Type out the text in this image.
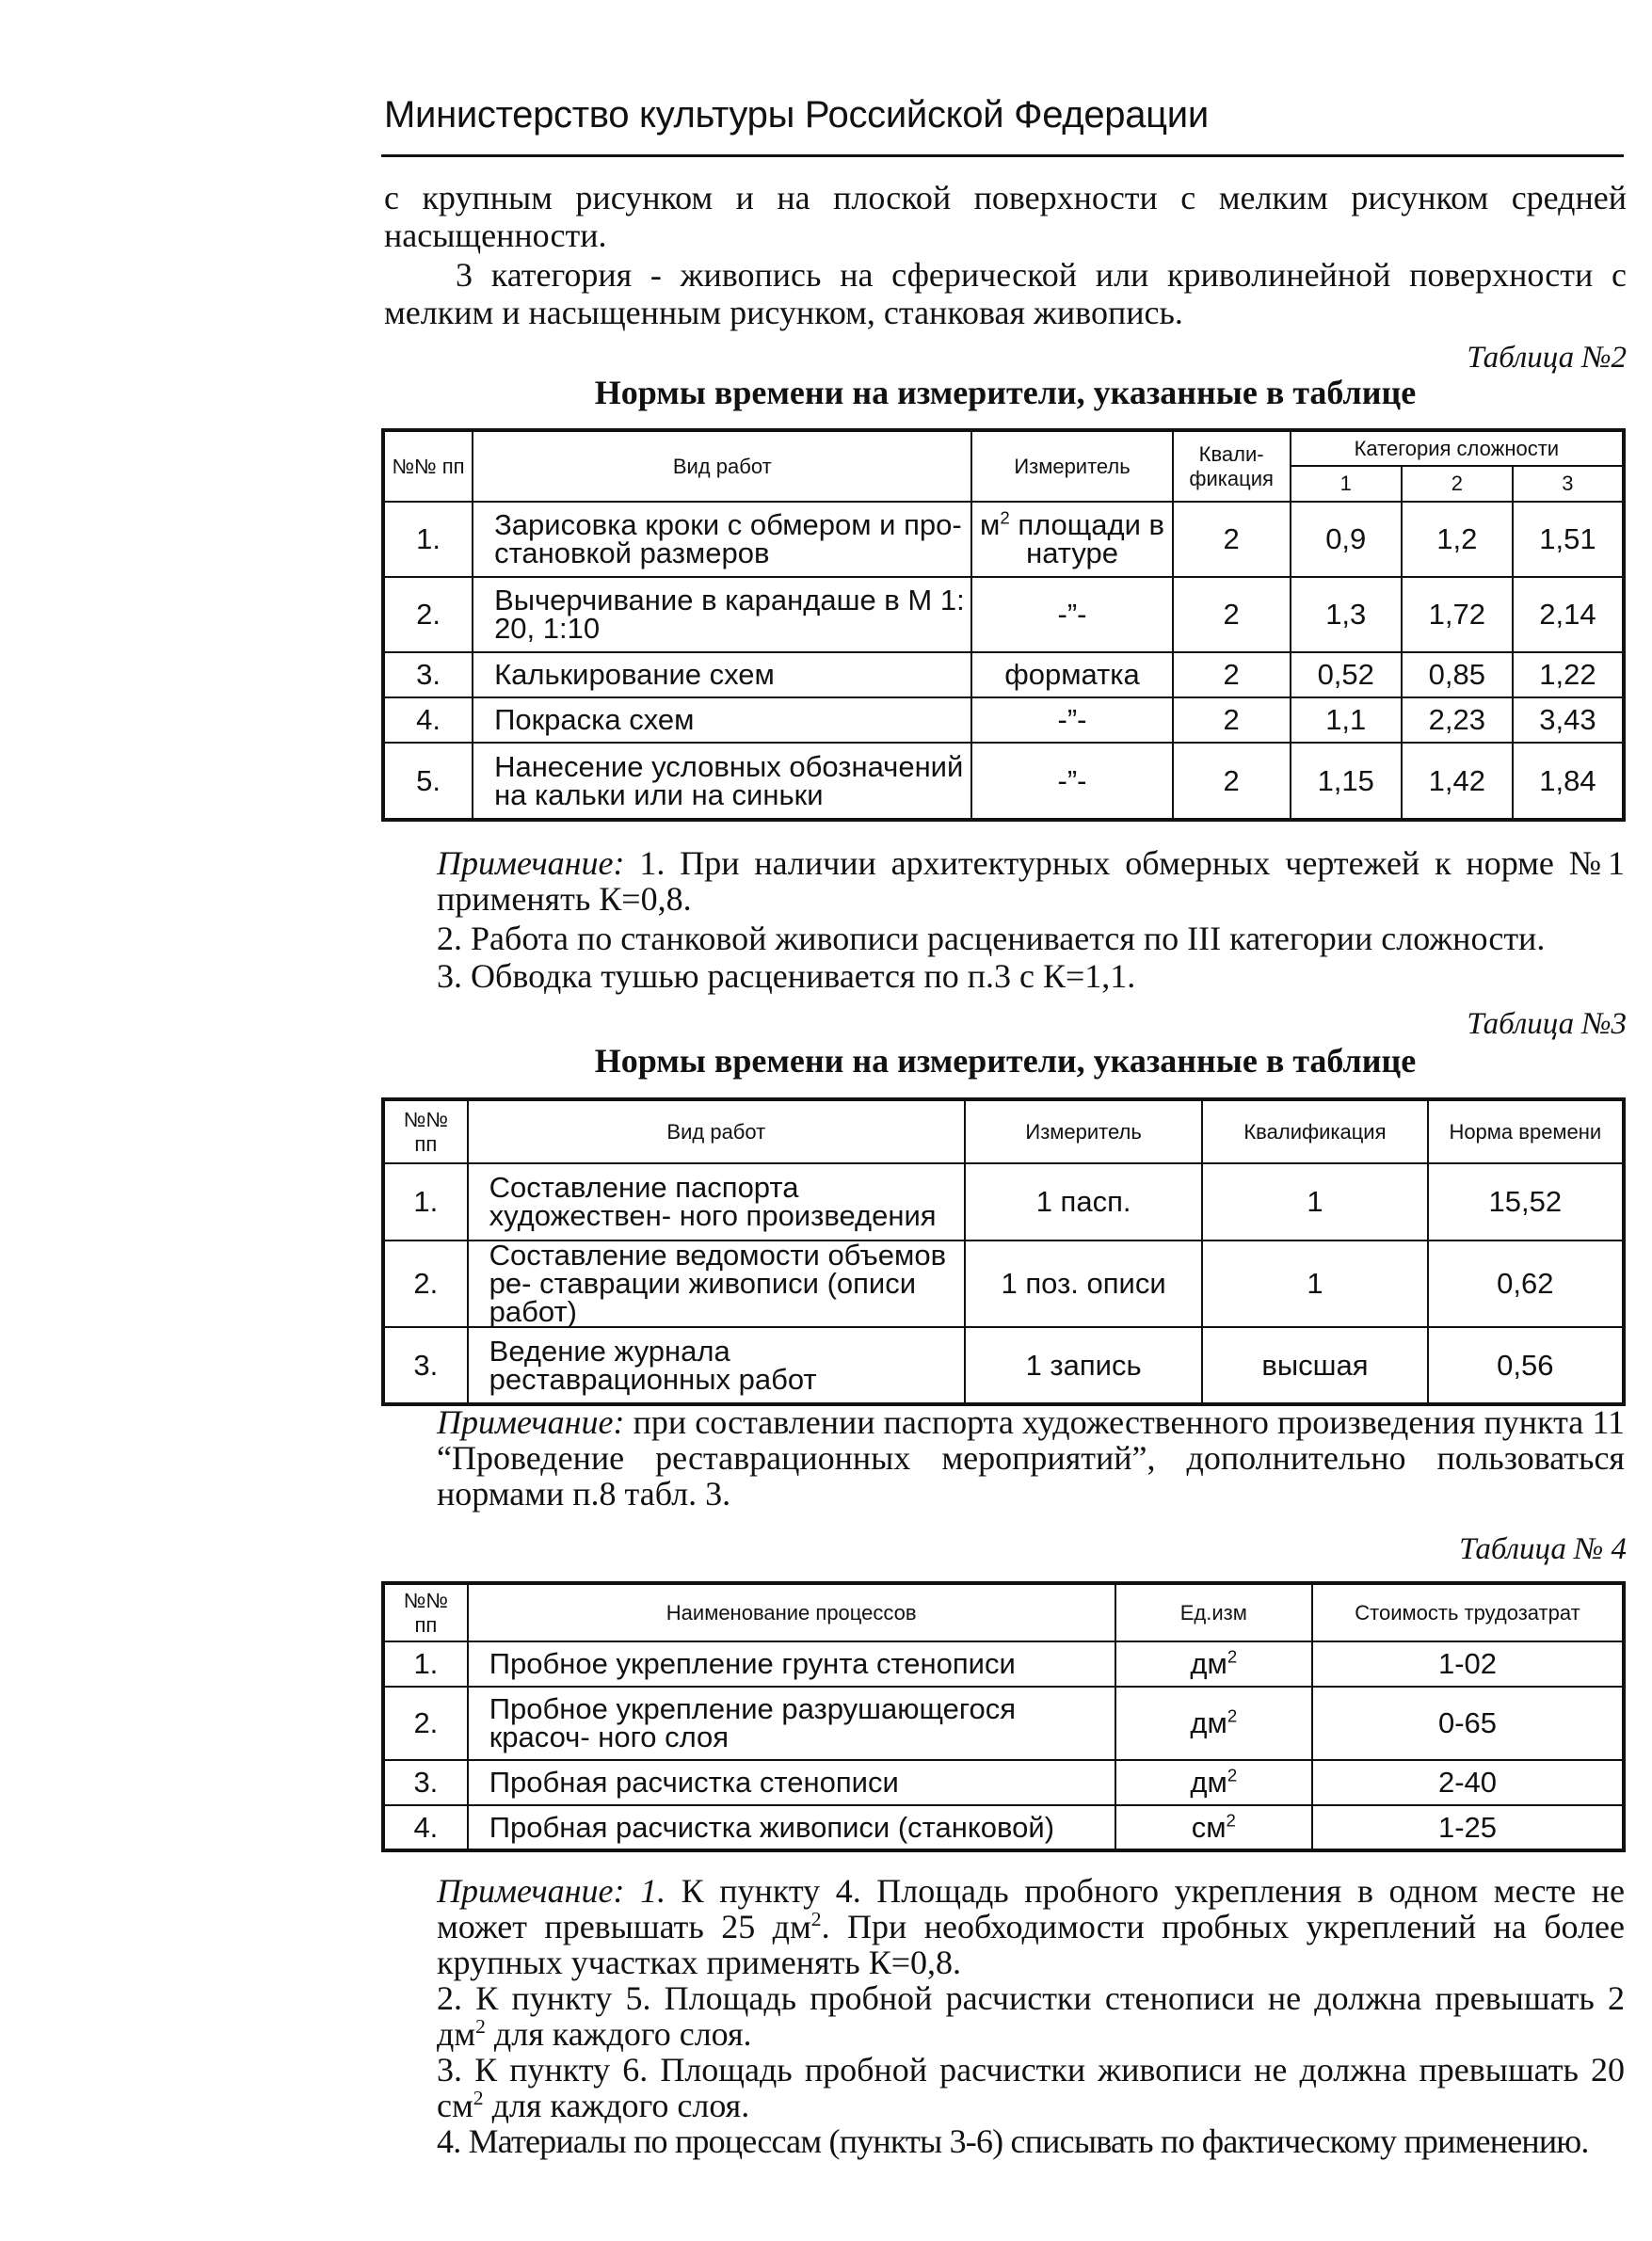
Министерство культуры Российской Федерации

с крупным рисунком и на плоской поверхности с мелким рисунком средней насыщенности.

3 категория - живопись на сферической или криволинейной поверхности с мелким и насыщенным рисунком, станковая живопись.

Таблица №2
Нормы времени на измерители, указанные в таблице
№№ пп	Вид работ	Измеритель	Квали- фикация	Категория сложности		
				1	2	3
1.	Зарисовка кроки с обмером и про- становкой размеров	$м^2$ площади в натуре	2	0,9	1,2	1,51
2.	Вычерчивание в карандаше в М 1: 20, 1:10	-”-	2	1,3	1,72	2,14
3.	Калькирование схем	форматка	2	0,52	0,85	1,22
4.	Покраска схем	-”-	2	1,1	2,23	3,43
5.	Нанесение условных обозначений на кальки или на синьки	-”-	2	1,15	1,42	1,84

Примечание: 1. При наличии архитектурных обмерных чертежей к норме №1 применять К=0,8.

2. Работа по станковой живописи расценивается по III категории сложности.

3. Обводка тушью расценивается по п.3 с К=1,1.

Таблица №3
Нормы времени на измерители, указанные в таблице
№№ пп	Вид работ	Измеритель	Квалификация	Норма времени
1.	Составление паспорта художествен- ного произведения	1 пасп.	1	15,52
2.	Составление ведомости объемов ре- ставрации живописи (описи работ)	1 поз. описи	1	0,62
3.	Ведение журнала реставрационных работ	1 запись	высшая	0,56

Примечание: при составлении паспорта художественного произведения пункта 11 “Проведение реставрационных мероприятий”, дополнительно пользоваться нормами п.8 табл. 3.

Таблица № 4
№№ пп	Наименование процессов	Ед.изм	Стоимость трудозатрат
1.	Пробное укрепление грунта стенописи	$дм^2$	1-02
2.	Пробное укрепление разрушающегося красоч- ного слоя	$дм^2$	0-65
3.	Пробная расчистка стенописи	$дм^2$	2-40
4.	Пробная расчистка живописи (станковой)	$см^2$	1-25

Примечание: 1. К пункту 4. Площадь пробного укрепления в одном месте не может превышать 25 $дм^2$. При необходимости пробных укреплений на более крупных участках применять К=0,8.

2. К пункту 5. Площадь пробной расчистки стенописи не должна превышать 2 $дм^2$ для каждого слоя.

3. К пункту 6. Площадь пробной расчистки живописи не должна превышать 20 $см^2$ для каждого слоя.

4. Материалы по процессам (пункты 3-6) списывать по фактическому применению.
